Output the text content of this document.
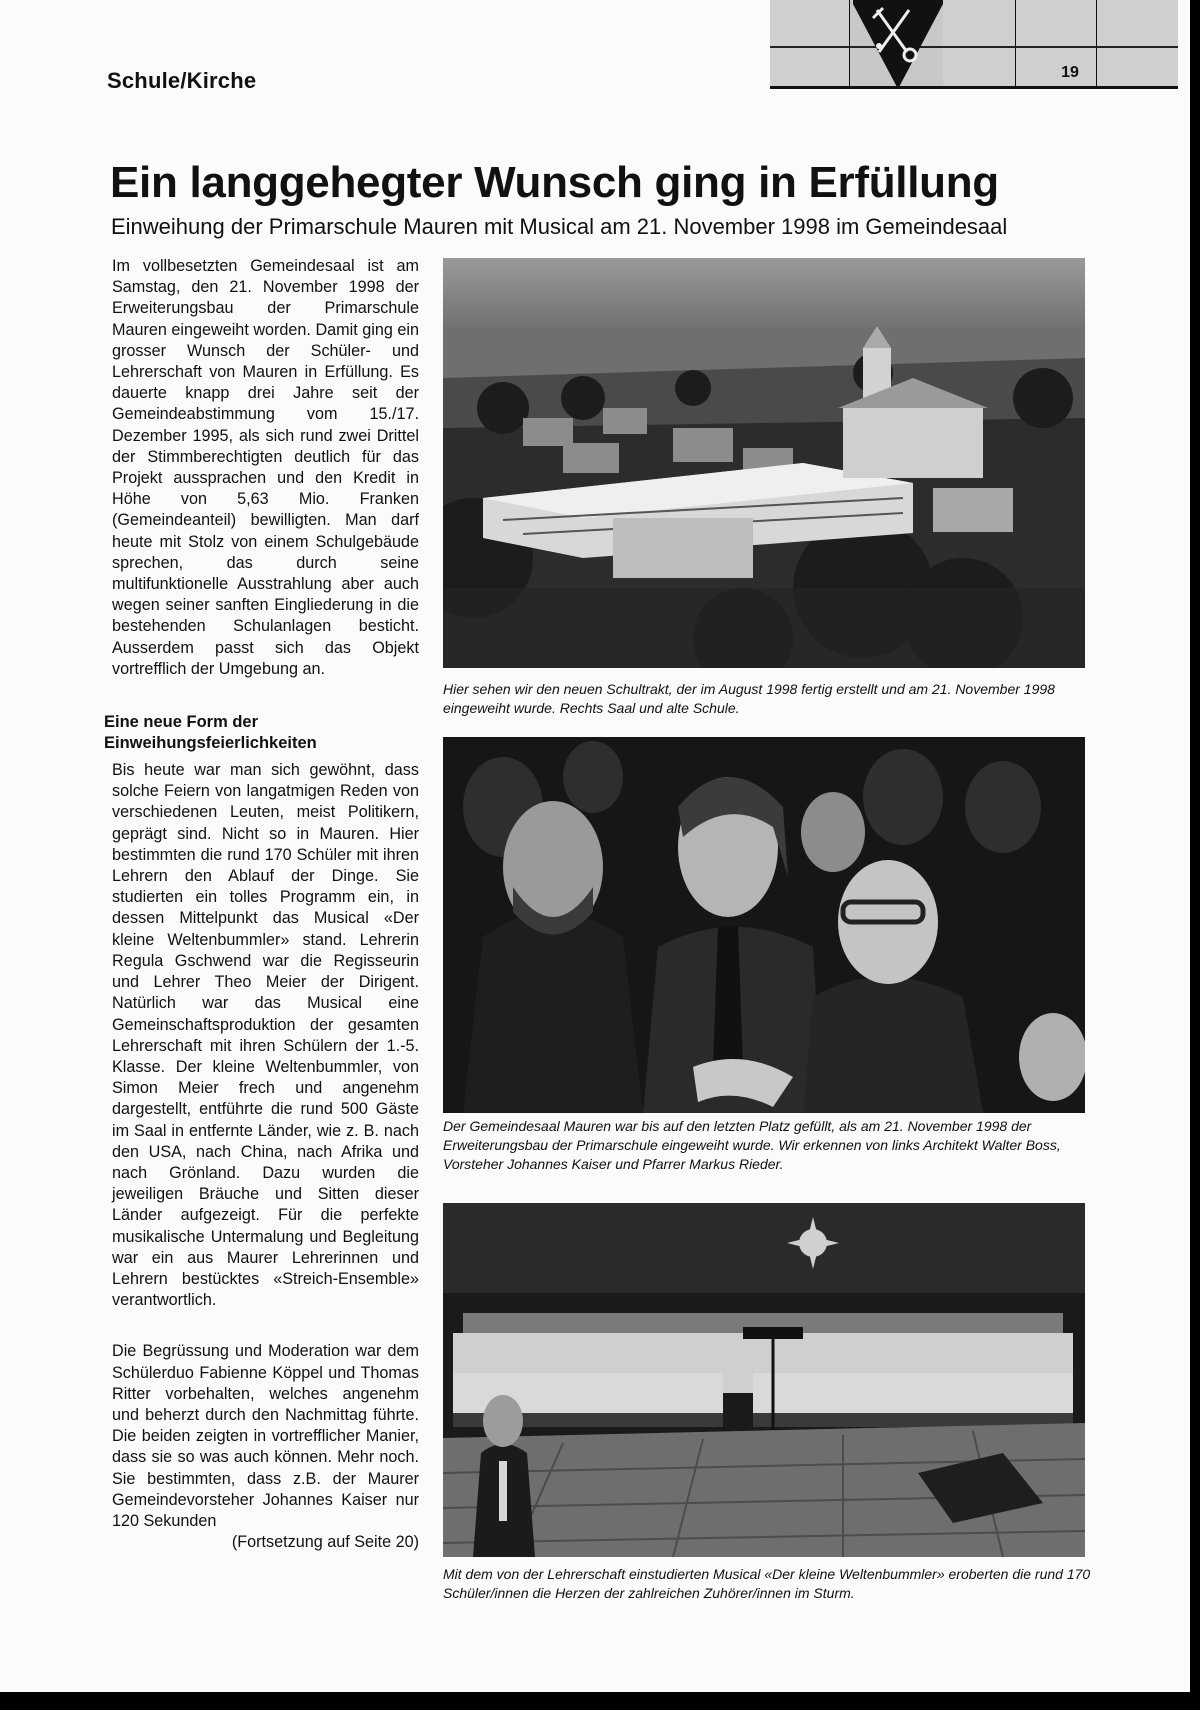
Schule/Kirche	19
Ein langgehegter Wunsch ging in Erfüllung

Einweihung der Primarschule Mauren mit Musical am 21. November 1998 im Gemeindesaal

Im vollbesetzten Gemeindesaal ist am Samstag, den 21. November 1998 der Erweiterungsbau der Primarschule Mauren eingeweiht worden. Damit ging ein grosser Wunsch der Schüler- und Lehrerschaft von Mauren in Erfüllung. Es dauerte knapp drei Jahre seit der Gemeindeabstimmung vom 15./17. Dezember 1995, als sich rund zwei Drittel der Stimmberechtigten deutlich für das Projekt aussprachen und den Kredit in Höhe von 5,63 Mio. Franken (Gemeindeanteil) bewilligten. Man darf heute mit Stolz von einem Schulgebäude sprechen, das durch seine multifunktionelle Ausstrahlung aber auch wegen seiner sanften Eingliederung in die bestehenden Schulanlagen besticht. Ausserdem passt sich das Objekt vortrefflich der Umgebung an.

Eine neue Form der Einweihungsfeierlichkeiten

Bis heute war man sich gewöhnt, dass solche Feiern von langatmigen Reden von verschiedenen Leuten, meist Politikern, geprägt sind. Nicht so in Mauren. Hier bestimmten die rund 170 Schüler mit ihren Lehrern den Ablauf der Dinge. Sie studierten ein tolles Programm ein, in dessen Mittelpunkt das Musical «Der kleine Weltenbummler» stand. Lehrerin Regula Gschwend war die Regisseurin und Lehrer Theo Meier der Dirigent. Natürlich war das Musical eine Gemeinschaftsproduktion der gesamten Lehrerschaft mit ihren Schülern der 1.-5. Klasse. Der kleine Weltenbummler, von Simon Meier frech und angenehm dargestellt, entführte die rund 500 Gäste im Saal in entfernte Länder, wie z. B. nach den USA, nach China, nach Afrika und nach Grönland. Dazu wurden die jeweiligen Bräuche und Sitten dieser Länder aufgezeigt. Für die perfekte musikalische Untermalung und Begleitung war ein aus Maurer Lehrerinnen und Lehrern bestücktes «Streich-Ensemble» verantwortlich.

Die Begrüssung und Moderation war dem Schülerduo Fabienne Köppel und Thomas Ritter vorbehalten, welches angenehm und beherzt durch den Nachmittag führte. Die beiden zeigten in vortrefflicher Manier, dass sie so was auch können. Mehr noch. Sie bestimmten, dass z.B. der Maurer Gemeindevorsteher Johannes Kaiser nur 120 Sekunden

(Fortsetzung auf Seite 20)

Hier sehen wir den neuen Schultrakt, der im August 1998 fertig erstellt und am 21. November 1998 eingeweiht wurde. Rechts Saal und alte Schule.

Der Gemeindesaal Mauren war bis auf den letzten Platz gefüllt, als am 21. November 1998 der Erweiterungsbau der Primarschule eingeweiht wurde. Wir erkennen von links Architekt Walter Boss, Vorsteher Johannes Kaiser und Pfarrer Markus Rieder.

Mit dem von der Lehrerschaft einstudierten Musical «Der kleine Weltenbummler» eroberten die rund 170 Schüler/innen die Herzen der zahlreichen Zuhörer/innen im Sturm.
